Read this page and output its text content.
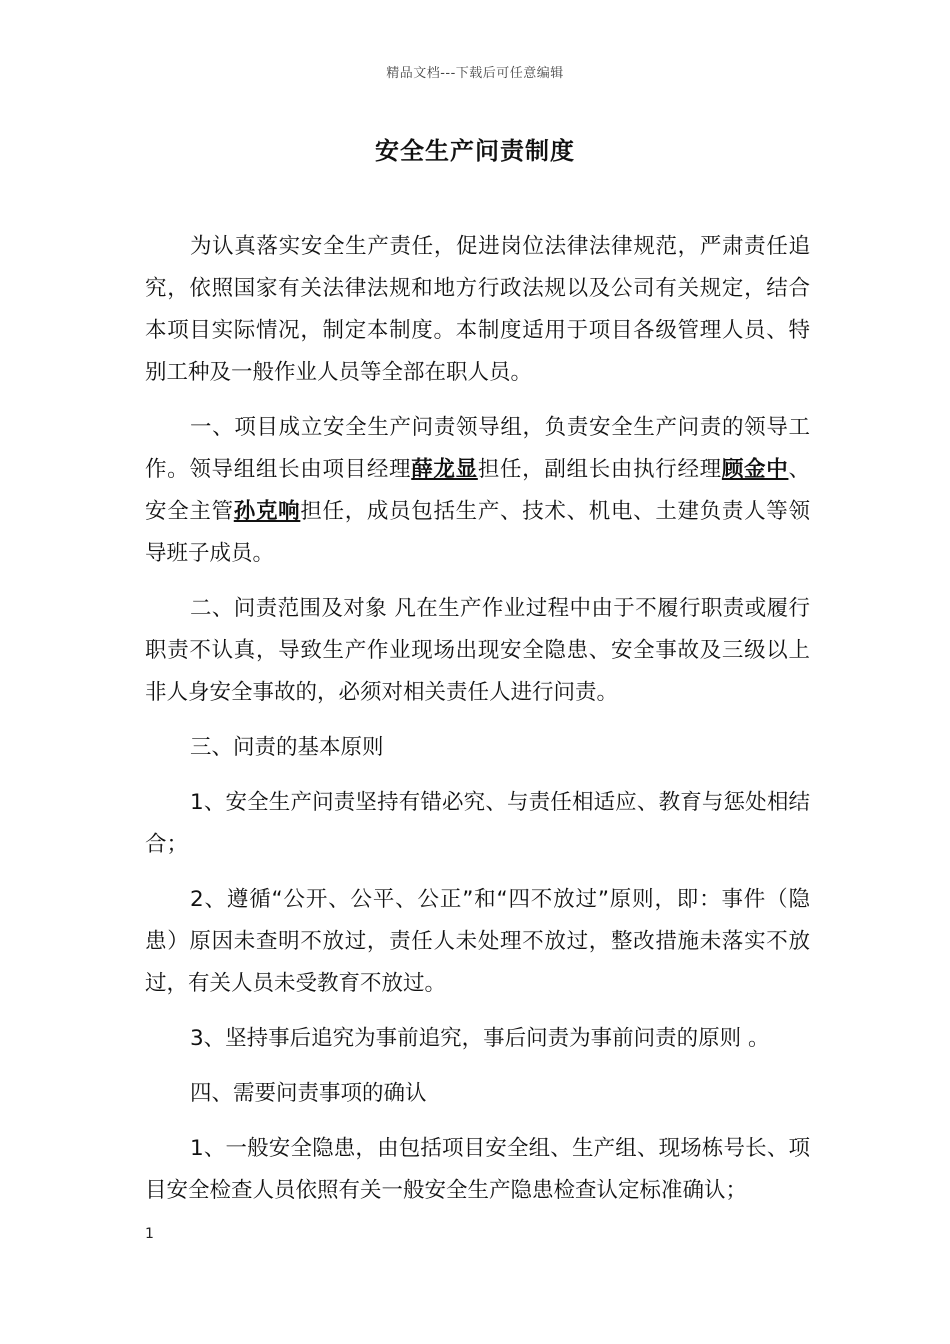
精品文档---下载后可任意编辑
安全生产问责制度

为认真落实安全生产责任，促进岗位法律法律规范，严肃责任追究，依照国家有关法律法规和地方行政法规以及公司有关规定，结合本项目实际情况，制定本制度。本制度适用于项目各级管理人员、特别工种及一般作业人员等全部在职人员。

一、项目成立安全生产问责领导组，负责安全生产问责的领导工作。领导组组长由项目经理薛龙显担任，副组长由执行经理顾金中、安全主管孙克响担任，成员包括生产、技术、机电、土建负责人等领导班子成员。

二、问责范围及对象 凡在生产作业过程中由于不履行职责或履行职责不认真，导致生产作业现场出现安全隐患、安全事故及三级以上非人身安全事故的，必须对相关责任人进行问责。

三、问责的基本原则

1、安全生产问责坚持有错必究、与责任相适应、教育与惩处相结合；

2、遵循“公开、公平、公正”和“四不放过”原则，即：事件（隐患）原因未查明不放过，责任人未处理不放过，整改措施未落实不放过，有关人员未受教育不放过。

3、坚持事后追究为事前追究，事后问责为事前问责的原则 。

四、需要问责事项的确认

1、一般安全隐患，由包括项目安全组、生产组、现场栋号长、项目安全检查人员依照有关一般安全生产隐患检查认定标准确认；

1
